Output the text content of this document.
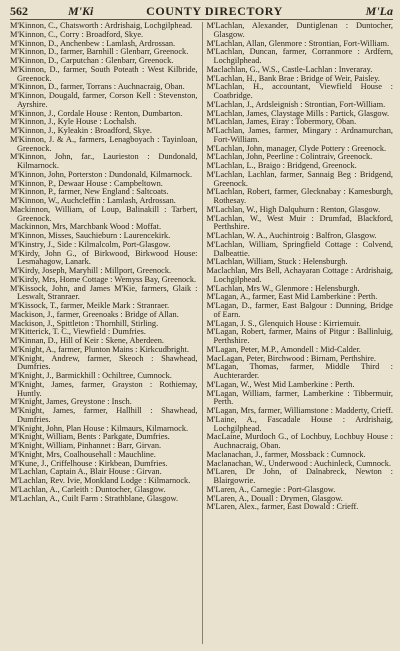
562	M'Ki	COUNTY DIRECTORY	M'La

M'Kinnon, C., Chatsworth : Ardrishaig, Lochgilphead.

M'Kinnon, C., Corry : Broadford, Skye.

M'Kinnon, D., Anchenbew : Lamlash, Ardrossan.

M'Kinnon, D., farmer, Barnhill : Glenbarr, Greenock.

M'Kinnon, D., Carputchan : Glenbarr, Greenock.

M'Kinnon, D., farmer, South Poteath : West Kilbride, Greenock.

M'Kinnon, D., farmer, Torrans : Auchnacraig, Oban.

M'Kinnon, Dougald, farmer, Corson Kell : Stevenston, Ayrshire.

M'Kinnon, J., Cordale House : Renton, Dumbarton.

M'Kinnon, J., Kyle House : Lochalsh.

M'Kinnon, J., Kyleakin : Broadford, Skye.

M'Kinnon, J. & A., farmers, Lenagboyach : Tayinloan, Greenock.

M'Kinnon, John, far., Laurieston : Dundonald, Kilmarnock.

M'Kinnon, John, Porterston : Dundonald, Kilmarnock.

M'Kinnon, P., Dewaar House : Campbeltown.

M'Kinnon, P., farmer, New England : Saltcoats.

M'Kinnon, W., Auchcleffin : Lamlash, Ardrossan.

Mackinnon, William, of Loup, Balinakill : Tarbert, Greenock.

Mackinnon, Mrs, Marchbank Wood : Moffat.

M'Kinnon, Misses, Sauchieburn : Laurencekirk.

M'Kinstry, J., Side : Kilmalcolm, Port-Glasgow.

M'Kirdy, John G., of Birkwood, Birkwood House: Lesmahagow, Lanark.

M'Kirdy, Joseph, Maryhill : Millport, Greenock.

M'Kirdy, Mrs, Home Cottage : Wemyss Bay, Greenock.

M'Kissock, John, and James M'Kie, farmers, Glaik : Leswalt, Stranraer.

M'Kissock, T., farmer, Meikle Mark : Stranraer.

Mackison, J., farmer, Greenoaks : Bridge of Allan.

Mackison, J., Spittleton : Thornhill, Stirling.

M'Kitterick, T. C., Viewfield : Dumfries.

M'Kinnan, D., Hill of Keir : Skene, Aberdeen.

M'Knight, A., farmer, Plunton Mains : Kirkcudbright.

M'Knight, Andrew, farmer, Skeoch : Shawhead, Dumfries.

M'Knight, J., Barmickhill : Ochiltree, Cumnock.

M'Knight, James, farmer, Grayston : Rothiemay, Huntly.

M'Knight, James, Greystone : Insch.

M'Knight, James, farmer, Hallhill : Shawhead, Dumfries.

M'Knight, John, Plan House : Kilmaurs, Kilmarnock.

M'Knight, William, Bents : Parkgate, Dumfries.

M'Knight, William, Pinhannet : Barr, Girvan.

M'Knight, Mrs, Coalhousehall : Mauchline.

M'Kune, J., Criffelhouse : Kirkbean, Dumfries.

M'Lachlan, Captain A., Blair House : Girvan.

M'Lachlan, Rev. Ivie, Monkland Lodge : Kilmarnock.

M'Lachlan, A., Carleith : Duntocher, Glasgow.

M'Lachlan, A., Cuilt Farm : Strathblane, Glasgow.

M'Lachlan, Alexander, Duntiglenan : Duntocher, Glasgow.

M'Lachlan, Allan, Glenmore : Strontian, Fort-William.

M'Lachlan, Duncan, farmer, Corranmore : Ardfern, Lochgilphead.

Maclachlan, G., W.S., Castle-Lachlan : Inveraray.

M'Lachlan, H., Bank Brae : Bridge of Weir, Paisley.

M'Lachlan, H., accountant, Viewfield House : Coatbridge.

M'Lachlan, J., Ardsleignish : Strontian, Fort-William.

M'Lachlan, James, Claystage Mills : Partick, Glasgow.

M'Lachlan, James, Eiray : Tobermory, Oban.

M'Lachlan, James, farmer, Mingary : Ardnamurchan, Fort-William.

M'Lachlan, John, manager, Clyde Pottery : Greenock.

M'Lachlan, John, Peerline : Colintraiv, Greenock.

M'Lachlan, L., Braigo : Bridgend, Greenock.

M'Lachlan, Lachlan, farmer, Sannaig Beg : Bridgend, Greenock.

M'Lachlan, Robert, farmer, Glecknabay : Kamesburgh, Rothesay.

M'Lachlan, W., High Dalquhurn : Renton, Glasgow.

M'Lachlan, W., West Muir : Drumfad, Blackford, Perthshire.

M'Lachlan, W. A., Auchintroig : Balfron, Glasgow.

M'Lachlan, William, Springfield Cottage : Colvend, Dalbeattie.

M'Lachlan, William, Stuck : Helensburgh.

Maclachlan, Mrs Bell, Achayaran Cottage : Ardrishaig, Lochgilphead.

M'Lachlan, Mrs W., Glenmore : Helensburgh.

M'Lagan, A., farmer, East Mid Lamberkine : Perth.

M'Lagan, D., farmer, East Balgour : Dunning, Bridge of Earn.

M'Lagan, J. S., Glenquich House : Kirriemuir.

M'Lagan, Robert, farmer, Mains of Pitgur : Ballinluig, Perthshire.

M'Lagan, Peter, M.P., Amondell : Mid-Calder.

MacLagan, Peter, Birchwood : Birnam, Perthshire.

M'Lagan, Thomas, farmer, Middle Third : Auchterarder.

M'Lagan, W., West Mid Lamberkine : Perth.

M'Lagan, William, farmer, Lamberkine : Tibbermuir, Perth.

M'Lagan, Mrs, farmer, Williamstone : Madderty, Crieff.

M'Laine, A., Fascadale House : Ardrishaig, Lochgilphead.

MacLaine, Murdoch G., of Lochbuy, Lochbuy House : Auchnacraig, Oban.

Maclanachan, J., farmer, Mossback : Cumnock.

Maclanachan, W., Underwood : Auchinleck, Cumnock.

M'Laren, Dr John, of Dalnabreck, Newton : Blairgowrie.

M'Laren, A., Carnegie : Port-Glasgow.

M'Laren, A., Douall : Drymen, Glasgow.

M'Laren, Alex., farmer, East Dowald : Crieff.
